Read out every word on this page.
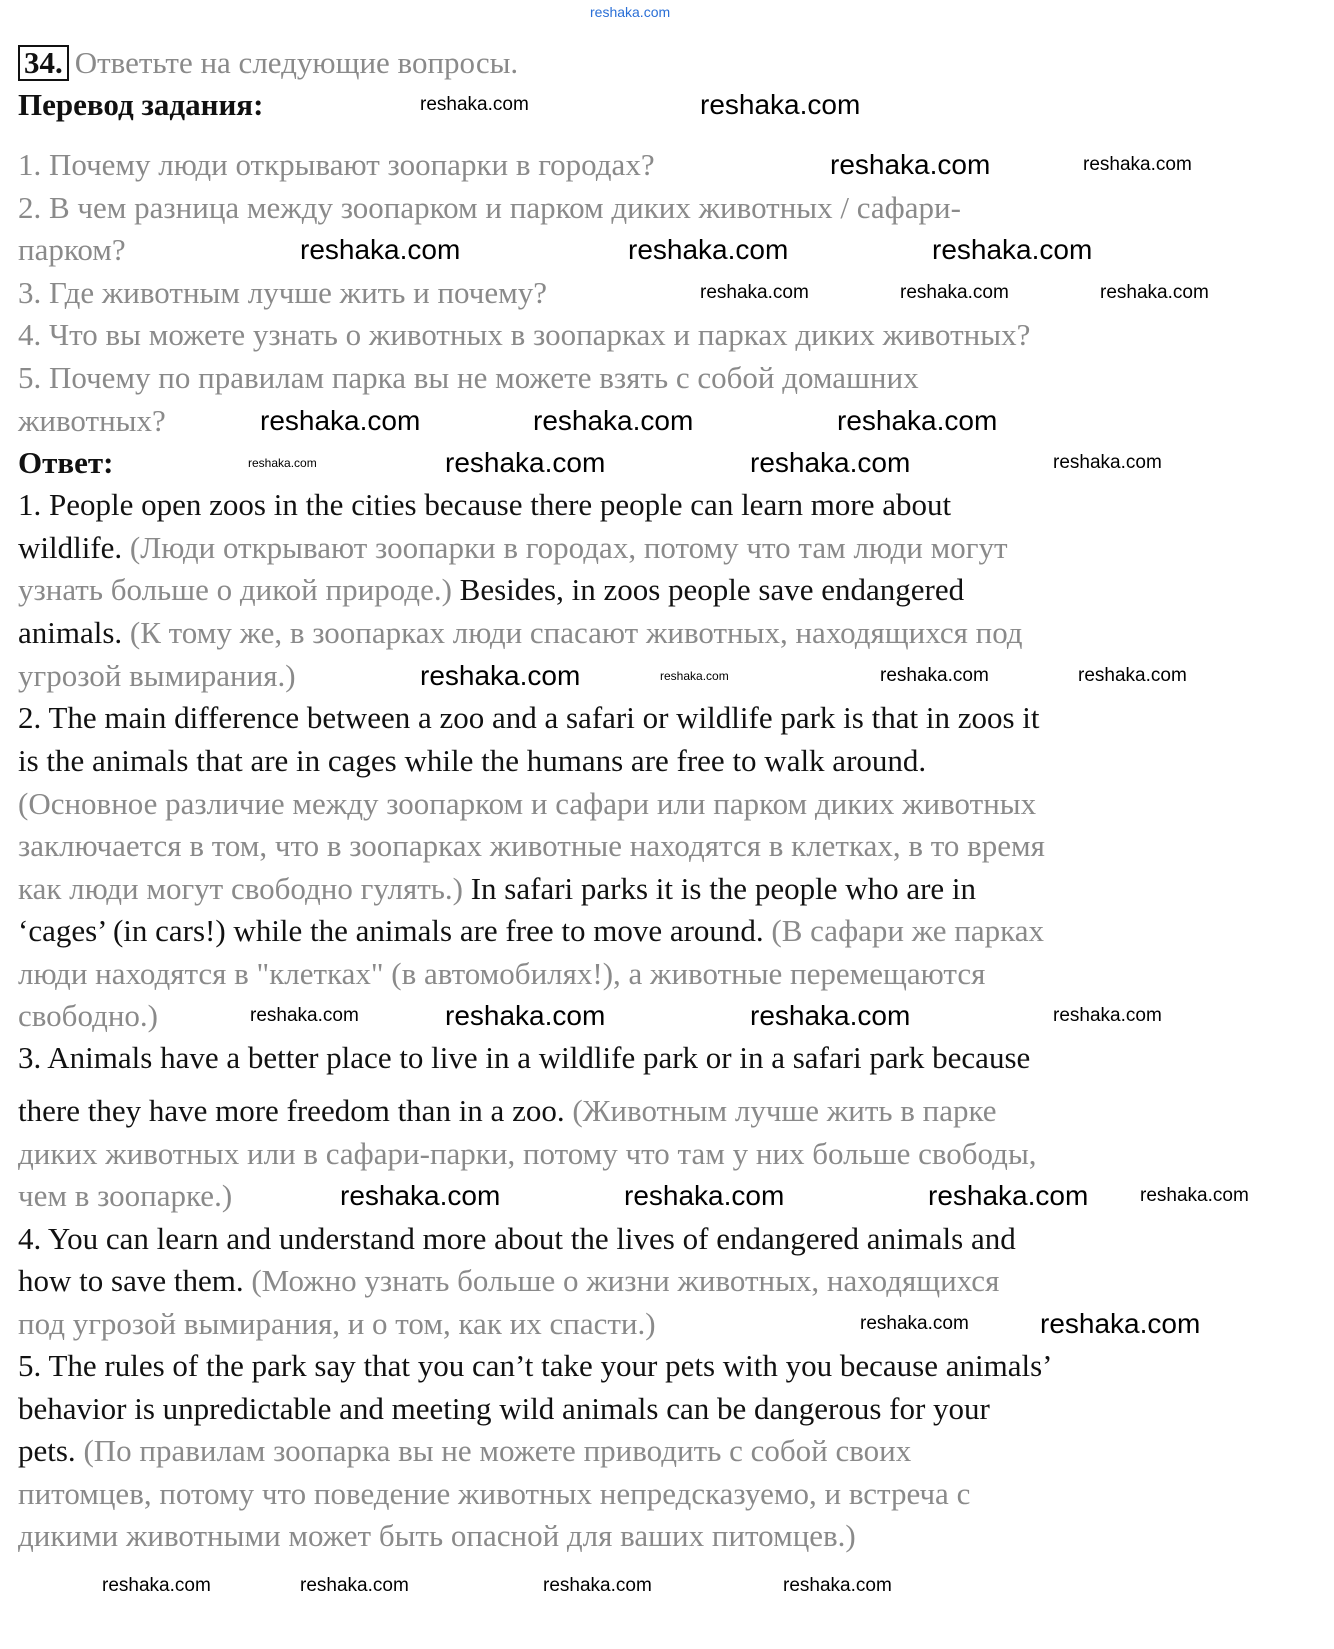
34. Ответьте на следующие вопросы.
Перевод задания:
1. Почему люди открывают зоопарки в городах?
2. В чем разница между зоопарком и парком диких животных / сафари-
парком?
3. Где животным лучше жить и почему?
4. Что вы можете узнать о животных в зоопарках и парках диких животных?
5. Почему по правилам парка вы не можете взять с собой домашних
животных?
Ответ:
1. People open zoos in the cities because there people can learn more about
wildlife. (Люди открывают зоопарки в городах, потому что там люди могут
узнать больше о дикой природе.) Besides, in zoos people save endangered
animals. (К тому же, в зоопарках люди спасают животных, находящихся под
угрозой вымирания.)
2. The main difference between a zoo and a safari or wildlife park is that in zoos it
is the animals that are in cages while the humans are free to walk around.
(Основное различие между зоопарком и сафари или парком диких животных
заключается в том, что в зоопарках животные находятся в клетках, в то время
как люди могут свободно гулять.) In safari parks it is the people who are in
‘cages’ (in cars!) while the animals are free to move around. (В сафари же парках
люди находятся в "клетках" (в автомобилях!), а животные перемещаются
свободно.)
3. Animals have a better place to live in a wildlife park or in a safari park because
there they have more freedom than in a zoo. (Животным лучше жить в парке
диких животных или в сафари-парки, потому что там у них больше свободы,
чем в зоопарке.)
4. You can learn and understand more about the lives of endangered animals and
how to save them. (Можно узнать больше о жизни животных, находящихся
под угрозой вымирания, и о том, как их спасти.)
5. The rules of the park say that you can’t take your pets with you because animals’
behavior is unpredictable and meeting wild animals can be dangerous for your
pets. (По правилам зоопарка вы не можете приводить с собой своих
питомцев, потому что поведение животных непредсказуемо, и встреча с
дикими животными может быть опасной для ваших питомцев.)
reshaka.com
reshaka.com	reshaka.com
reshaka.com	reshaka.com
reshaka.com	reshaka.com	reshaka.com
reshaka.com	reshaka.com	reshaka.com
reshaka.com	reshaka.com	reshaka.com
reshaka.com	reshaka.com	reshaka.com	reshaka.com
reshaka.com	reshaka.com	reshaka.com	reshaka.com
reshaka.com	reshaka.com	reshaka.com	reshaka.com
reshaka.com	reshaka.com	reshaka.com	reshaka.com
reshaka.com	reshaka.com
reshaka.com	reshaka.com	reshaka.com	reshaka.com
